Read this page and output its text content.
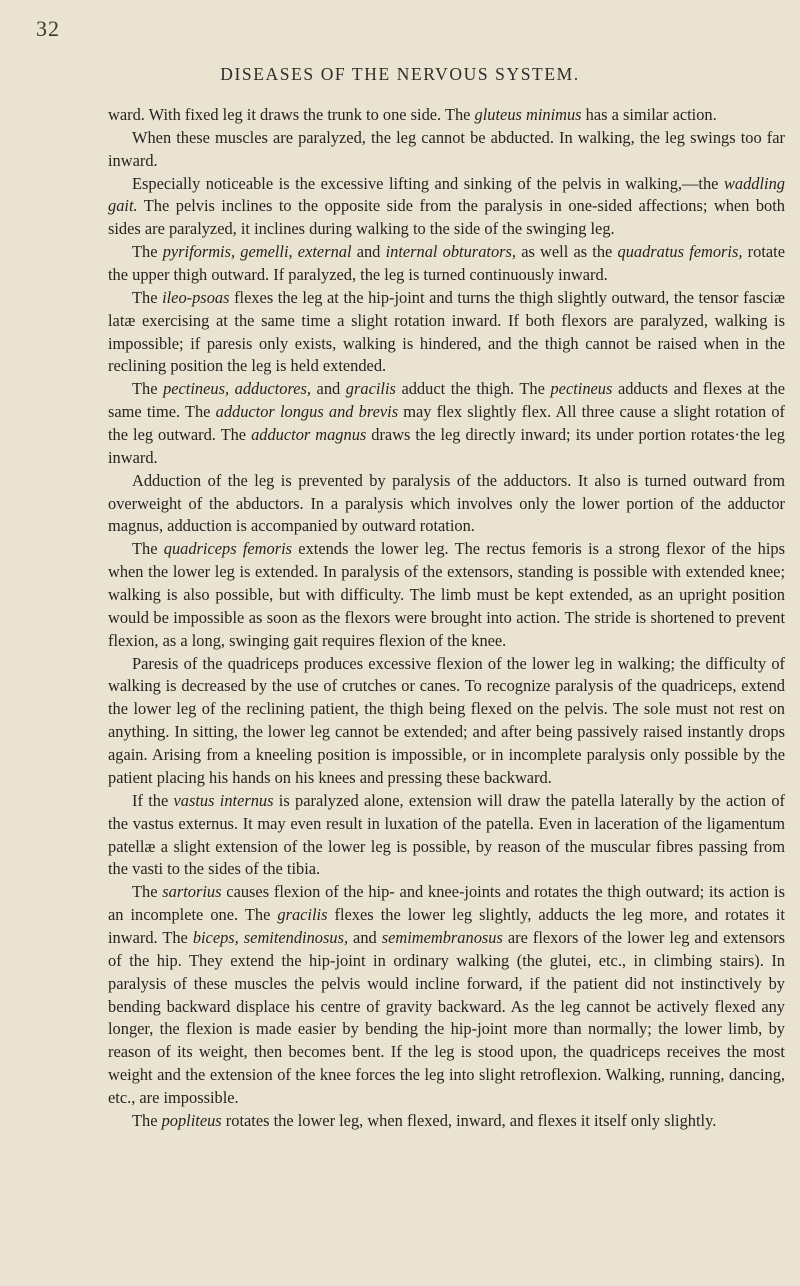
32
DISEASES OF THE NERVOUS SYSTEM.

ward. With fixed leg it draws the trunk to one side. The gluteus minimus has a similar action.

When these muscles are paralyzed, the leg cannot be abducted. In walking, the leg swings too far inward.

Especially noticeable is the excessive lifting and sinking of the pelvis in walking,—the waddling gait. The pelvis inclines to the opposite side from the paralysis in one-sided affections; when both sides are paralyzed, it inclines during walking to the side of the swinging leg.

The pyriformis, gemelli, external and internal obturators, as well as the quadratus femoris, rotate the upper thigh outward. If paralyzed, the leg is turned continuously inward.

The ileo-psoas flexes the leg at the hip-joint and turns the thigh slightly outward, the tensor fasciæ latæ exercising at the same time a slight rotation inward. If both flexors are paralyzed, walking is impossible; if paresis only exists, walking is hindered, and the thigh cannot be raised when in the reclining position the leg is held extended.

The pectineus, adductores, and gracilis adduct the thigh. The pectineus adducts and flexes at the same time. The adductor longus and brevis may flex slightly flex. All three cause a slight rotation of the leg outward. The adductor magnus draws the leg directly inward; its under portion rotates·the leg inward.

Adduction of the leg is prevented by paralysis of the adductors. It also is turned outward from overweight of the abductors. In a paralysis which involves only the lower portion of the adductor magnus, adduction is accompanied by outward rotation.

The quadriceps femoris extends the lower leg. The rectus femoris is a strong flexor of the hips when the lower leg is extended. In paralysis of the extensors, standing is possible with extended knee; walking is also possible, but with difficulty. The limb must be kept extended, as an upright position would be impossible as soon as the flexors were brought into action. The stride is shortened to prevent flexion, as a long, swinging gait requires flexion of the knee.

Paresis of the quadriceps produces excessive flexion of the lower leg in walking; the difficulty of walking is decreased by the use of crutches or canes. To recognize paralysis of the quadriceps, extend the lower leg of the reclining patient, the thigh being flexed on the pelvis. The sole must not rest on anything. In sitting, the lower leg cannot be extended; and after being passively raised instantly drops again. Arising from a kneeling position is impossible, or in incomplete paralysis only possible by the patient placing his hands on his knees and pressing these backward.

If the vastus internus is paralyzed alone, extension will draw the patella laterally by the action of the vastus externus. It may even result in luxation of the patella. Even in laceration of the ligamentum patellæ a slight extension of the lower leg is possible, by reason of the muscular fibres passing from the vasti to the sides of the tibia.

The sartorius causes flexion of the hip- and knee-joints and rotates the thigh outward; its action is an incomplete one. The gracilis flexes the lower leg slightly, adducts the leg more, and rotates it inward. The biceps, semitendinosus, and semimembranosus are flexors of the lower leg and extensors of the hip. They extend the hip-joint in ordinary walking (the glutei, etc., in climbing stairs). In paralysis of these muscles the pelvis would incline forward, if the patient did not instinctively by bending backward displace his centre of gravity backward. As the leg cannot be actively flexed any longer, the flexion is made easier by bending the hip-joint more than normally; the lower limb, by reason of its weight, then becomes bent. If the leg is stood upon, the quadriceps receives the most weight and the extension of the knee forces the leg into slight retroflexion. Walking, running, dancing, etc., are impossible.

The popliteus rotates the lower leg, when flexed, inward, and flexes it itself only slightly.
